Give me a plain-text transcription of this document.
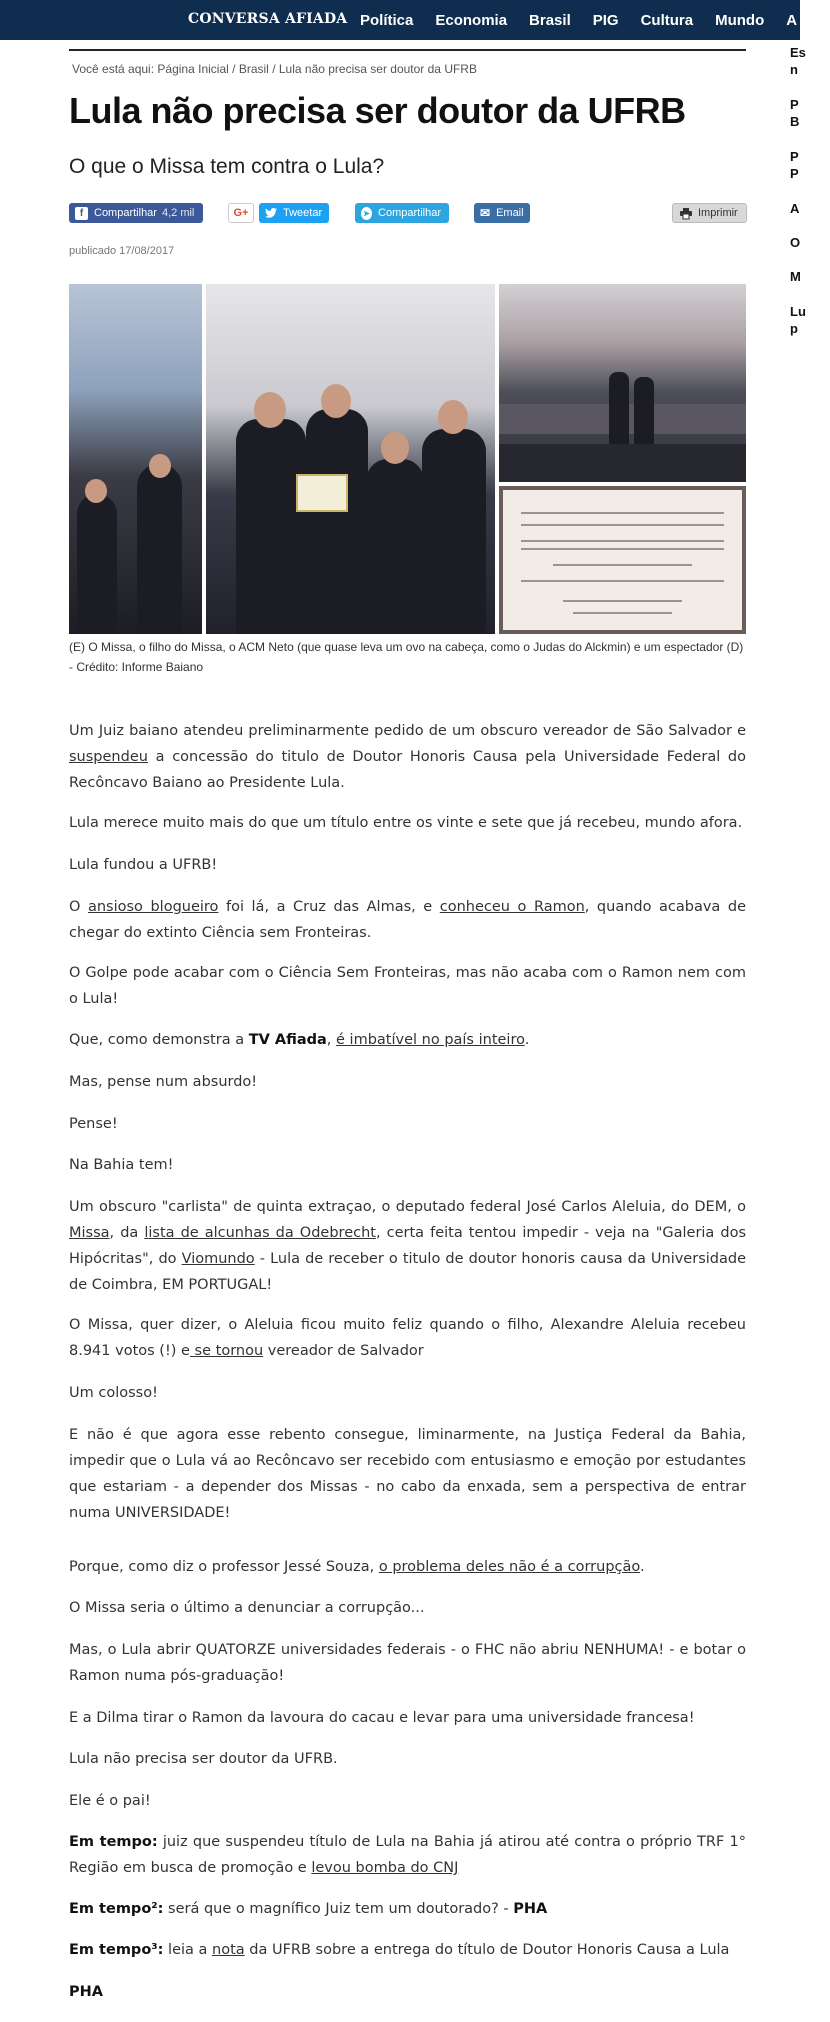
CONVERSA AFIADA Política Economia Brasil PIG Cultura Mundo A
Você está aqui: Página Inicial / Brasil / Lula não precisa ser doutor da UFRB
Lula não precisa ser doutor da UFRB
O que o Missa tem contra o Lula?
f Compartilhar 4,2 mil	G+	Tweetar	➤ Compartilhar	✉ Email	Imprimir
publicado 17/08/2017
(E) O Missa, o filho do Missa, o ACM Neto (que quase leva um ovo na cabeça, como o Judas do Alckmin) e um espectador (D) - Crédito: Informe Baiano

Um Juiz baiano atendeu preliminarmente pedido de um obscuro vereador de São Salvador e suspendeu a concessão do titulo de Doutor Honoris Causa pela Universidade Federal do Recôncavo Baiano ao Presidente Lula.

Lula merece muito mais do que um título entre os vinte e sete que já recebeu, mundo afora.

Lula fundou a UFRB!

O ansioso blogueiro foi lá, a Cruz das Almas, e conheceu o Ramon, quando acabava de chegar do extinto Ciência sem Fronteiras.

O Golpe pode acabar com o Ciência Sem Fronteiras, mas não acaba com o Ramon nem com o Lula!

Que, como demonstra a TV Afiada, é imbatível no país inteiro.

Mas, pense num absurdo!

Pense!

Na Bahia tem!

Um obscuro "carlista" de quinta extraçao, o deputado federal José Carlos Aleluia, do DEM, o Missa, da lista de alcunhas da Odebrecht, certa feita tentou impedir - veja na "Galeria dos Hipócritas", do Viomundo - Lula de receber o titulo de doutor honoris causa da Universidade de Coimbra, EM PORTUGAL!

O Missa, quer dizer, o Aleluia ficou muito feliz quando o filho, Alexandre Aleluia recebeu 8.941 votos (!) e se tornou vereador de Salvador

Um colosso!

E não é que agora esse rebento consegue, liminarmente, na Justiça Federal da Bahia, impedir que o Lula vá ao Recôncavo ser recebido com entusiasmo e emoção por estudantes que estariam - a depender dos Missas - no cabo da enxada, sem a perspectiva de entrar numa UNIVERSIDADE!

Porque, como diz o professor Jessé Souza, o problema deles não é a corrupção.

O Missa seria o último a denunciar a corrupção...

Mas, o Lula abrir QUATORZE universidades federais - o FHC não abriu NENHUMA! - e botar o Ramon numa pós-graduação!

E a Dilma tirar o Ramon da lavoura do cacau e levar para uma universidade francesa!

Lula não precisa ser doutor da UFRB.

Ele é o pai!

Em tempo: juiz que suspendeu título de Lula na Bahia já atirou até contra o próprio TRF 1° Região em busca de promoção e levou bomba do CNJ

Em tempo²: será que o magnífico Juiz tem um doutorado? - PHA

Em tempo³: leia a nota da UFRB sobre a entrega do título de Doutor Honoris Causa a Lula

PHA

Es
n
P
B
P
P
A
O
M
Lu
p
